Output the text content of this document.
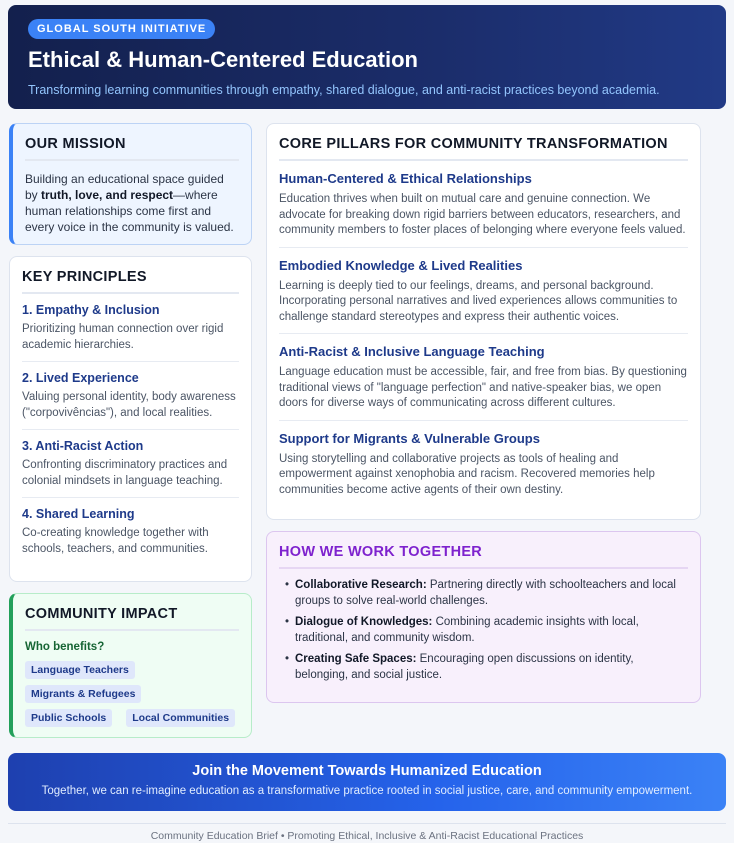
GLOBAL SOUTH INITIATIVE
Ethical & Human-Centered Education

Transforming learning communities through empathy, shared dialogue, and anti-racist practices beyond academia.

OUR MISSION

Building an educational space guided by truth, love, and respect—where human relationships come first and every voice in the community is valued.

KEY PRINCIPLES
1. Empathy & Inclusion

Prioritizing human connection over rigid academic hierarchies.

2. Lived Experience

Valuing personal identity, body awareness ("corpovivências"), and local realities.

3. Anti-Racist Action

Confronting discriminatory practices and colonial mindsets in language teaching.

4. Shared Learning

Co-creating knowledge together with schools, teachers, and communities.

COMMUNITY IMPACT
Who benefits?
Language Teachers
Migrants & Refugees
Public Schools	Local Communities
CORE PILLARS FOR COMMUNITY TRANSFORMATION
Human-Centered & Ethical Relationships

Education thrives when built on mutual care and genuine connection. We advocate for breaking down rigid barriers between educators, researchers, and community members to foster places of belonging where everyone feels valued.

Embodied Knowledge & Lived Realities

Learning is deeply tied to our feelings, dreams, and personal background. Incorporating personal narratives and lived experiences allows communities to challenge standard stereotypes and express their authentic voices.

Anti-Racist & Inclusive Language Teaching

Language education must be accessible, fair, and free from bias. By questioning traditional views of "language perfection" and native-speaker bias, we open doors for diverse ways of communicating across different cultures.

Support for Migrants & Vulnerable Groups

Using storytelling and collaborative projects as tools of healing and empowerment against xenophobia and racism. Recovered memories help communities become active agents of their own destiny.

HOW WE WORK TOGETHER
• Collaborative Research: Partnering directly with schoolteachers and local groups to solve real-world challenges.
• Dialogue of Knowledges: Combining academic insights with local, traditional, and community wisdom.
• Creating Safe Spaces: Encouraging open discussions on identity, belonging, and social justice.
Join the Movement Towards Humanized Education

Together, we can re-imagine education as a transformative practice rooted in social justice, care, and community empowerment.

Community Education Brief • Promoting Ethical, Inclusive & Anti-Racist Educational Practices
